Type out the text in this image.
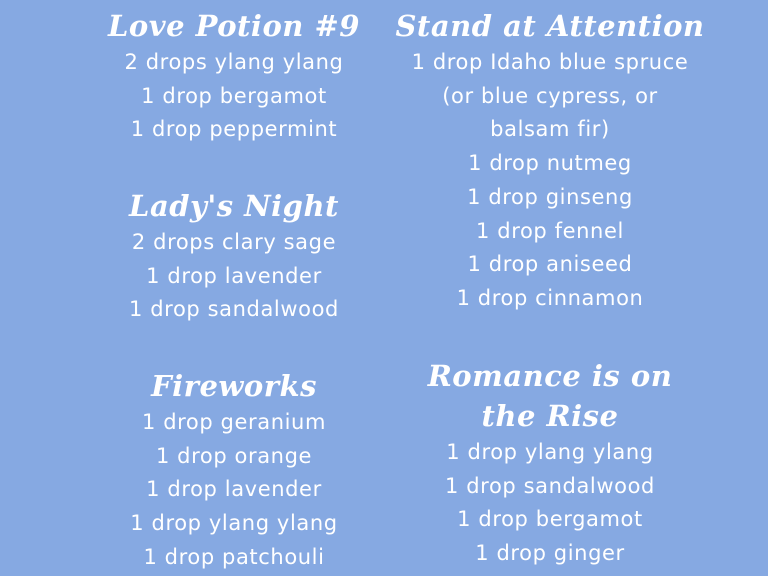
Love Potion #9
2 drops ylang ylang
1 drop bergamot
1 drop peppermint
Lady's Night
2 drops clary sage
1 drop lavender
1 drop sandalwood
Fireworks
1 drop geranium
1 drop orange
1 drop lavender
1 drop ylang ylang
1 drop patchouli
Stand at Attention
1 drop Idaho blue spruce
(or blue cypress, or
balsam fir)
1 drop nutmeg
1 drop ginseng
1 drop fennel
1 drop aniseed
1 drop cinnamon
Romance is on
the Rise
1 drop ylang ylang
1 drop sandalwood
1 drop bergamot
1 drop ginger
